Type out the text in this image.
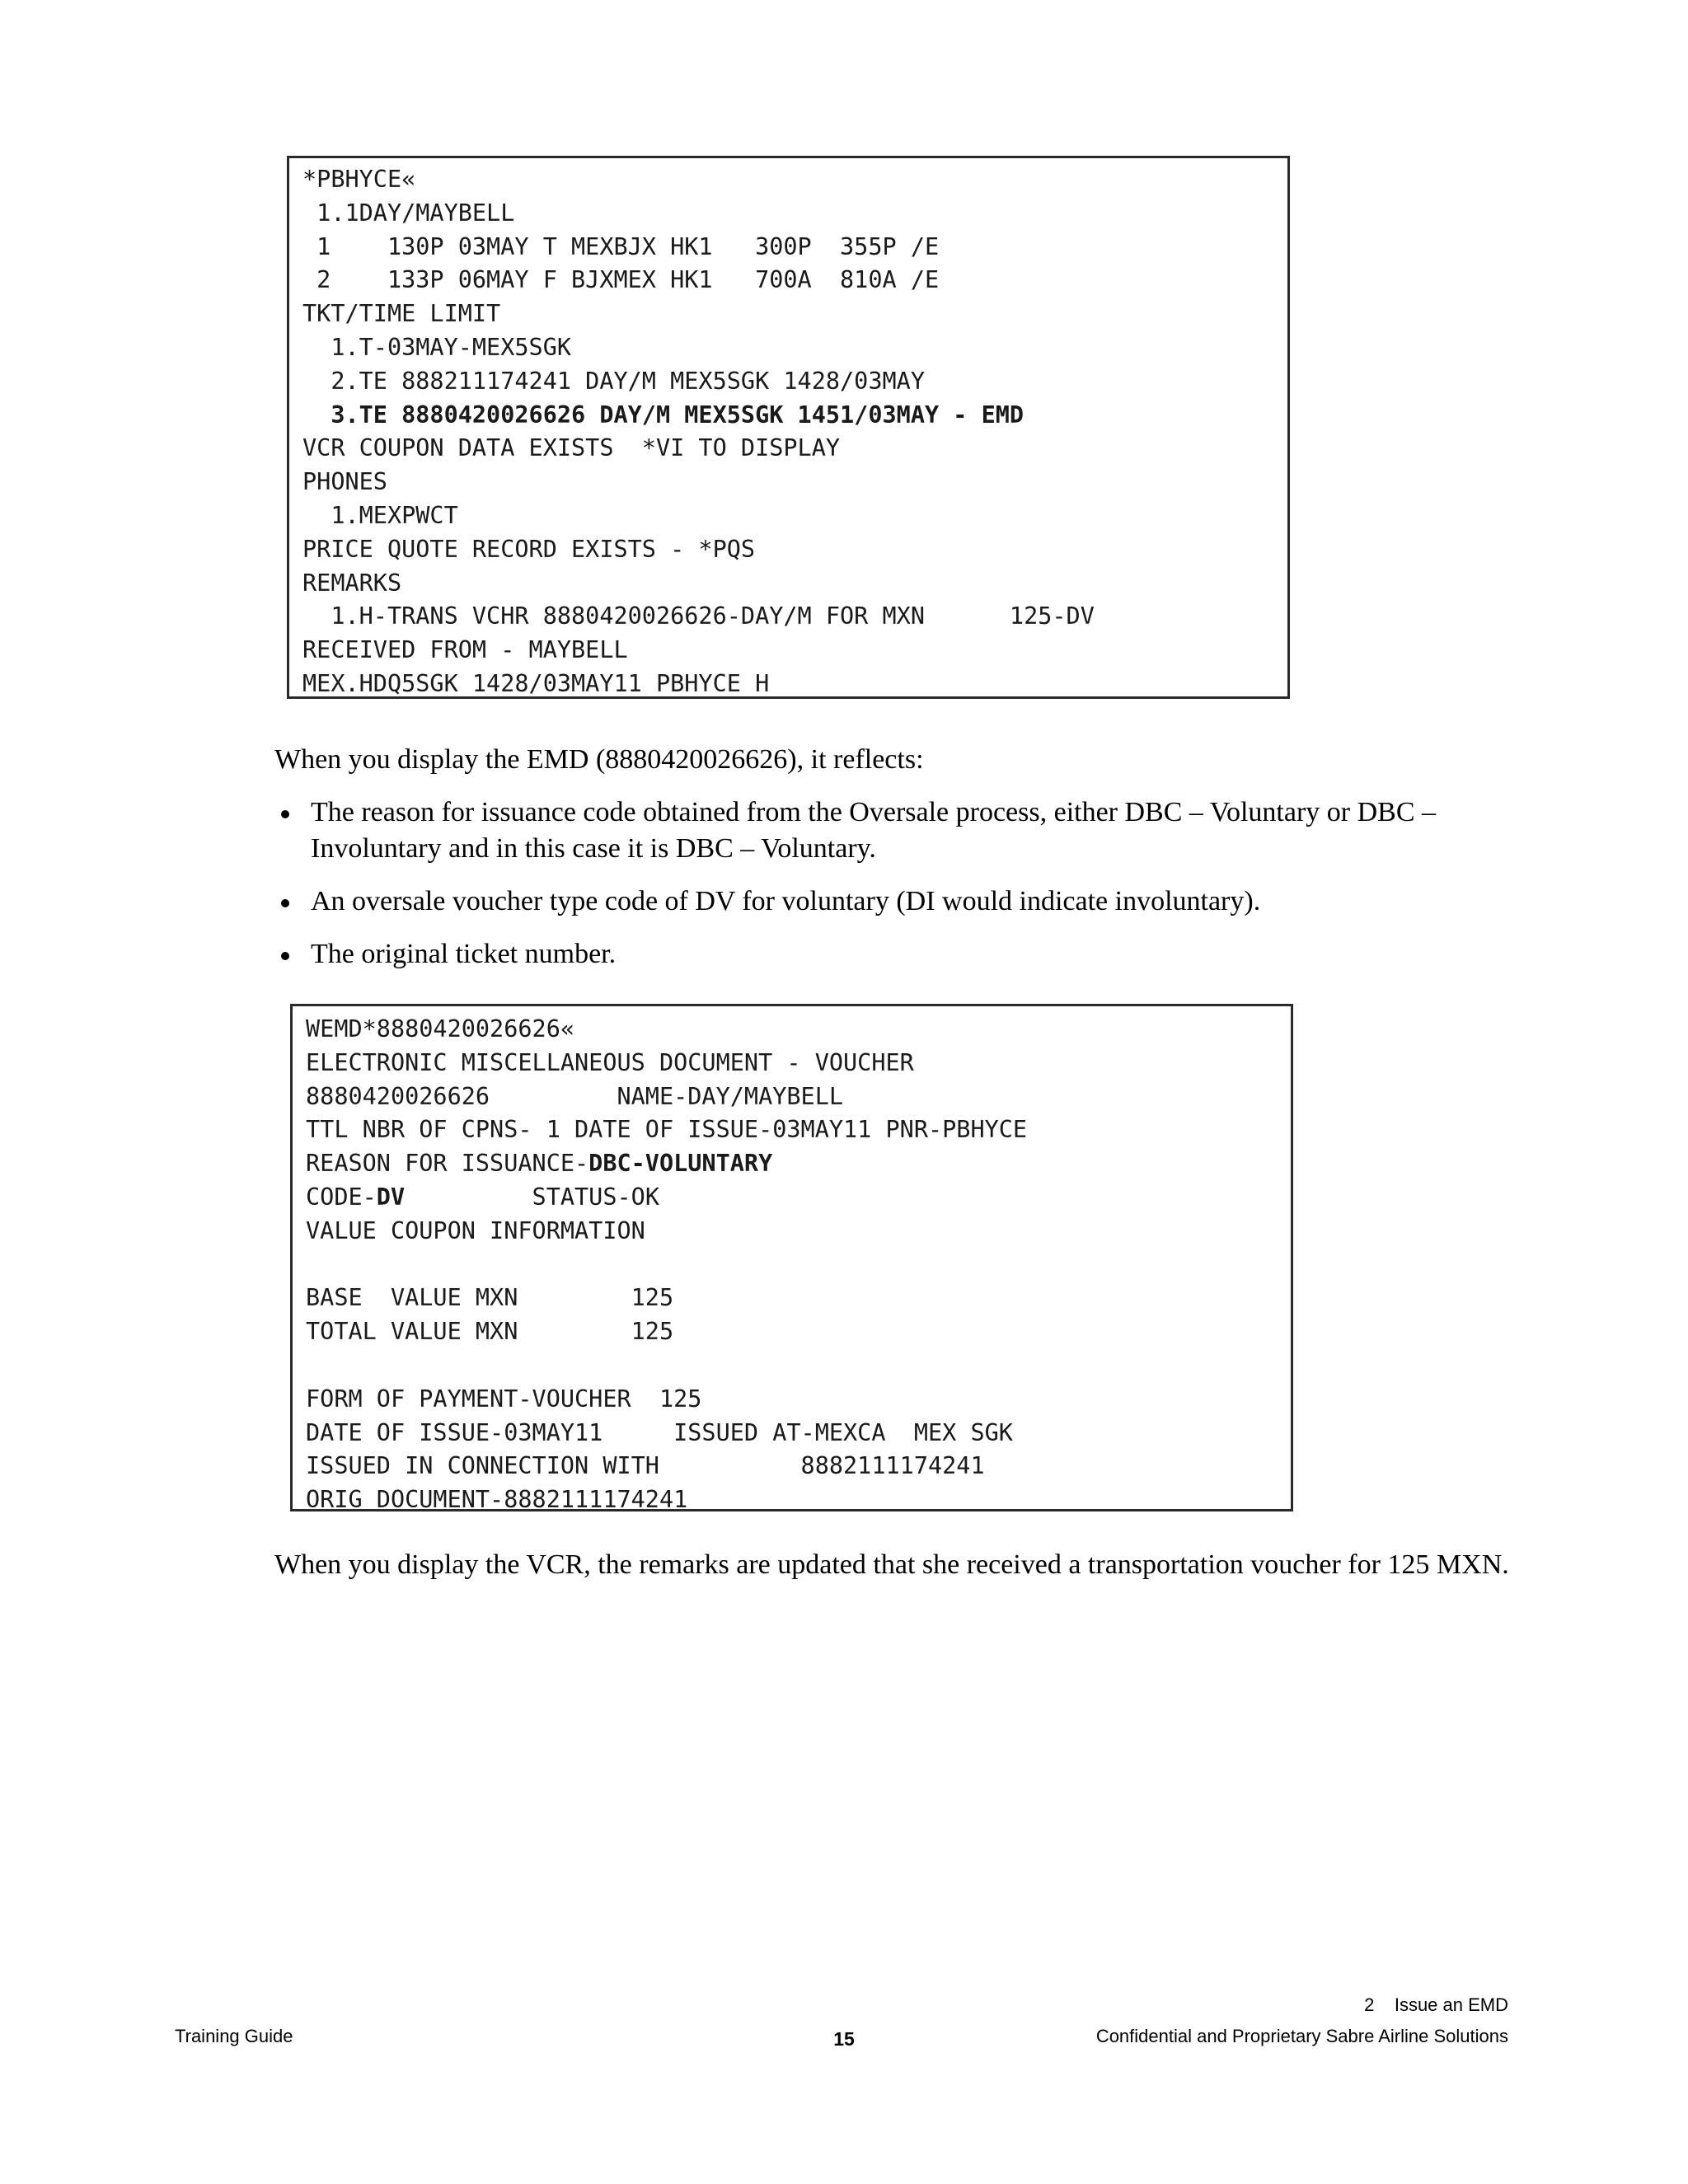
*PBHYCE«
1.1DAY/MAYBELL
1    130P 03MAY T MEXBJX HK1   300P  355P /E
2    133P 06MAY F BJXMEX HK1   700A  810A /E
TKT/TIME LIMIT
1.T-03MAY-MEX5SGK
2.TE 888211174241 DAY/M MEX5SGK 1428/03MAY
3.TE 8880420026626 DAY/M MEX5SGK 1451/03MAY - EMD
VCR COUPON DATA EXISTS  *VI TO DISPLAY
PHONES
1.MEXPWCT
PRICE QUOTE RECORD EXISTS - *PQS
REMARKS
1.H-TRANS VCHR 8880420026626-DAY/M FOR MXN      125-DV
RECEIVED FROM - MAYBELL
MEX.HDQ5SGK 1428/03MAY11 PBHYCE H
When you display the EMD (8880420026626), it reflects:
The reason for issuance code obtained from the Oversale process, either DBC – Voluntary or DBC – Involuntary and in this case it is DBC – Voluntary.
An oversale voucher type code of DV for voluntary (DI would indicate involuntary).
The original ticket number.
WEMD*8880420026626«
ELECTRONIC MISCELLANEOUS DOCUMENT - VOUCHER
8880420026626         NAME-DAY/MAYBELL
TTL NBR OF CPNS- 1 DATE OF ISSUE-03MAY11 PNR-PBHYCE
REASON FOR ISSUANCE-DBC-VOLUNTARY
CODE-DV         STATUS-OK
VALUE COUPON INFORMATION
BASE  VALUE MXN        125
TOTAL VALUE MXN        125
FORM OF PAYMENT-VOUCHER  125
DATE OF ISSUE-03MAY11     ISSUED AT-MEXCA  MEX SGK
ISSUED IN CONNECTION WITH          8882111174241
ORIG DOCUMENT-8882111174241
When you display the VCR, the remarks are updated that she received a transportation voucher for 125 MXN.
2    Issue an EMD
Training Guide	15	Confidential and Proprietary Sabre Airline Solutions
